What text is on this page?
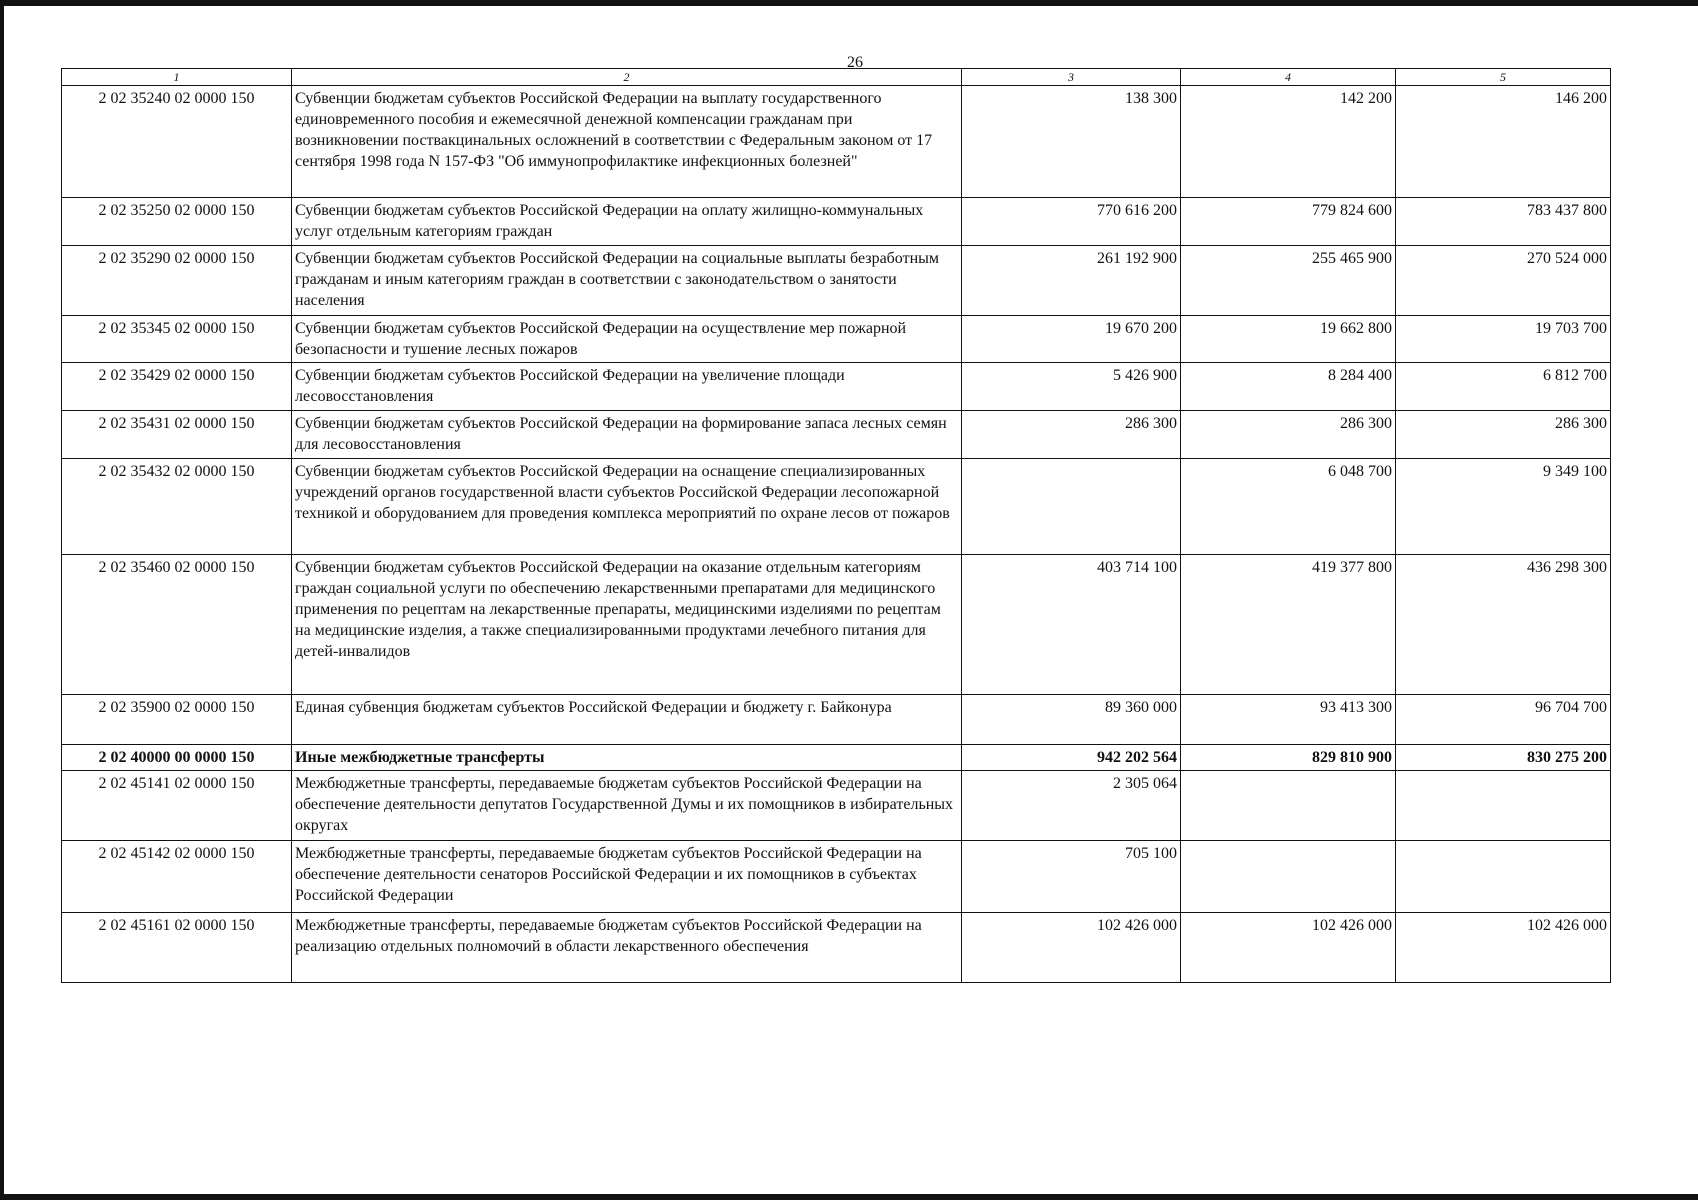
26
1	2	3	4	5
2 02 35240 02 0000 150	Субвенции бюджетам субъектов Российской Федерации на выплату государственного единовременного пособия и ежемесячной денежной компенсации гражданам при возникновении поствакцинальных осложнений в соответствии с Федеральным законом от 17 сентября 1998 года N 157-ФЗ "Об иммунопрофилактике инфекционных болезней"	138 300	142 200	146 200
2 02 35250 02 0000 150	Субвенции бюджетам субъектов Российской Федерации на оплату жилищно-коммунальных услуг отдельным категориям граждан	770 616 200	779 824 600	783 437 800
2 02 35290 02 0000 150	Субвенции бюджетам субъектов Российской Федерации на социальные выплаты безработным гражданам и иным категориям граждан в соответствии с законодательством о занятости населения	261 192 900	255 465 900	270 524 000
2 02 35345 02 0000 150	Субвенции бюджетам субъектов Российской Федерации на осуществление мер пожарной безопасности и тушение лесных пожаров	19 670 200	19 662 800	19 703 700
2 02 35429 02 0000 150	Субвенции бюджетам субъектов Российской Федерации на увеличение площади лесовосстановления	5 426 900	8 284 400	6 812 700
2 02 35431 02 0000 150	Субвенции бюджетам субъектов Российской Федерации на формирование запаса лесных семян для лесовосстановления	286 300	286 300	286 300
2 02 35432 02 0000 150	Субвенции бюджетам субъектов Российской Федерации на оснащение специализированных учреждений органов государственной власти субъектов Российской Федерации лесопожарной техникой и оборудованием для проведения комплекса мероприятий по охране лесов от пожаров		6 048 700	9 349 100
2 02 35460 02 0000 150	Субвенции бюджетам субъектов Российской Федерации на оказание отдельным категориям граждан социальной услуги по обеспечению лекарственными препаратами для медицинского применения по рецептам на лекарственные препараты, медицинскими изделиями по рецептам на медицинские изделия, а также специализированными продуктами лечебного питания для детей-инвалидов	403 714 100	419 377 800	436 298 300
2 02 35900 02 0000 150	Единая субвенция бюджетам субъектов Российской Федерации и бюджету г. Байконура	89 360 000	93 413 300	96 704 700
2 02 40000 00 0000 150	Иные межбюджетные трансферты	942 202 564	829 810 900	830 275 200
2 02 45141 02 0000 150	Межбюджетные трансферты, передаваемые бюджетам субъектов Российской Федерации на обеспечение деятельности депутатов Государственной Думы и их помощников в избирательных округах	2 305 064		
2 02 45142 02 0000 150	Межбюджетные трансферты, передаваемые бюджетам субъектов Российской Федерации на обеспечение деятельности сенаторов Российской Федерации и их помощников в субъектах Российской Федерации	705 100		
2 02 45161 02 0000 150	Межбюджетные трансферты, передаваемые бюджетам субъектов Российской Федерации на реализацию отдельных полномочий в области лекарственного обеспечения	102 426 000	102 426 000	102 426 000
